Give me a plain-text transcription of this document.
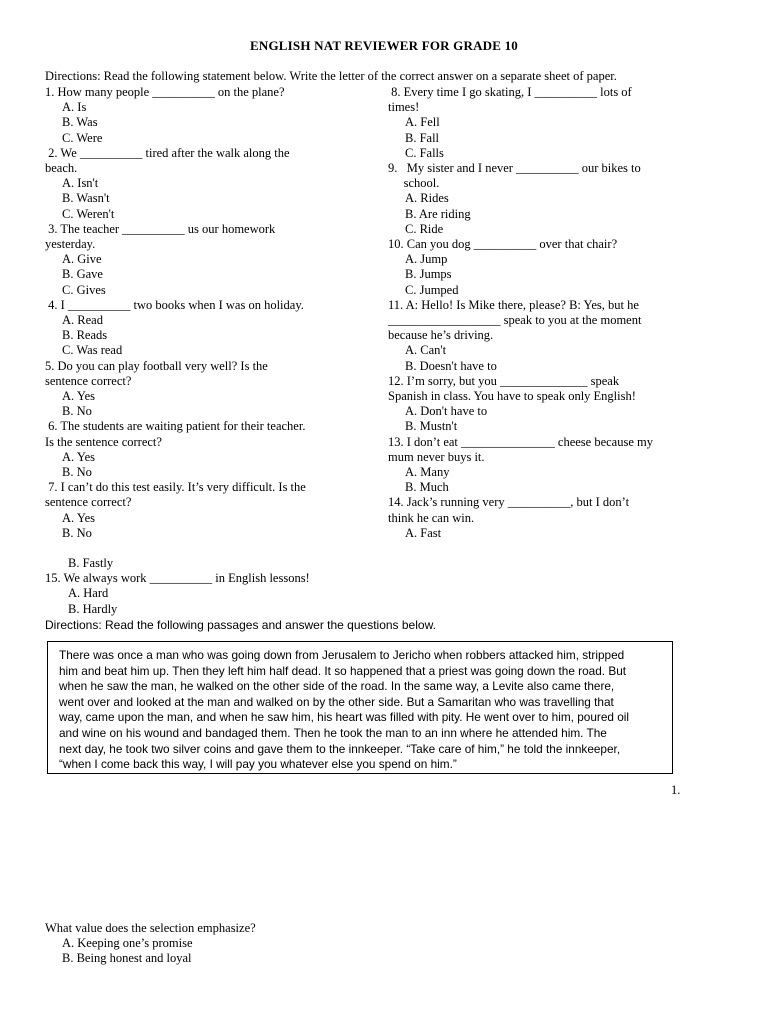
ENGLISH NAT REVIEWER FOR GRADE 10
Directions: Read the following statement below. Write the letter of the correct answer on a separate sheet of paper.
1. How many people __________ on the plane?
A. Is
B. Was
C. Were
2. We __________ tired after the walk along the
beach.
A. Isn't
B. Wasn't
C. Weren't
3. The teacher __________ us our homework
yesterday.
A. Give
B. Gave
C. Gives
4. I __________ two books when I was on holiday.
A. Read
B. Reads
C. Was read
5. Do you can play football very well? Is the
sentence correct?
A. Yes
B. No
6. The students are waiting patient for their teacher.
Is the sentence correct?
A. Yes
B. No
7. I can’t do this test easily. It’s very difficult. Is the
sentence correct?
A. Yes
B. No
8. Every time I go skating, I __________ lots of
times!
A. Fell
B. Fall
C. Falls
9.   My sister and I never __________ our bikes to
school.
A. Rides
B. Are riding
C. Ride
10. Can you dog __________ over that chair?
A. Jump
B. Jumps
C. Jumped
11. A: Hello! Is Mike there, please? B: Yes, but he
__________________ speak to you at the moment
because he’s driving.
A. Can't
B. Doesn't have to
12. I’m sorry, but you ______________ speak
Spanish in class. You have to speak only English!
A. Don't have to
B. Mustn't
13. I don’t eat _______________ cheese because my
mum never buys it.
A. Many
B. Much
14. Jack’s running very __________, but I don’t
think he can win.
A. Fast
B. Fastly
15. We always work __________ in English lessons!
A. Hard
B. Hardly
Directions: Read the following passages and answer the questions below.
There was once a man who was going down from Jerusalem to Jericho when robbers attacked him, stripped
him and beat him up. Then they left him half dead. It so happened that a priest was going down the road. But
when he saw the man, he walked on the other side of the road. In the same way, a Levite also came there,
went over and looked at the man and walked on by the other side. But a Samaritan who was travelling that
way, came upon the man, and when he saw him, his heart was filled with pity. He went over to him, poured oil
and wine on his wound and bandaged them. Then he took the man to an inn where he attended him. The
next day, he took two silver coins and gave them to the innkeeper. “Take care of him,” he told the innkeeper,
“when I come back this way, I will pay you whatever else you spend on him.”
1.
What value does the selection emphasize?
A. Keeping one’s promise
B. Being honest and loyal
